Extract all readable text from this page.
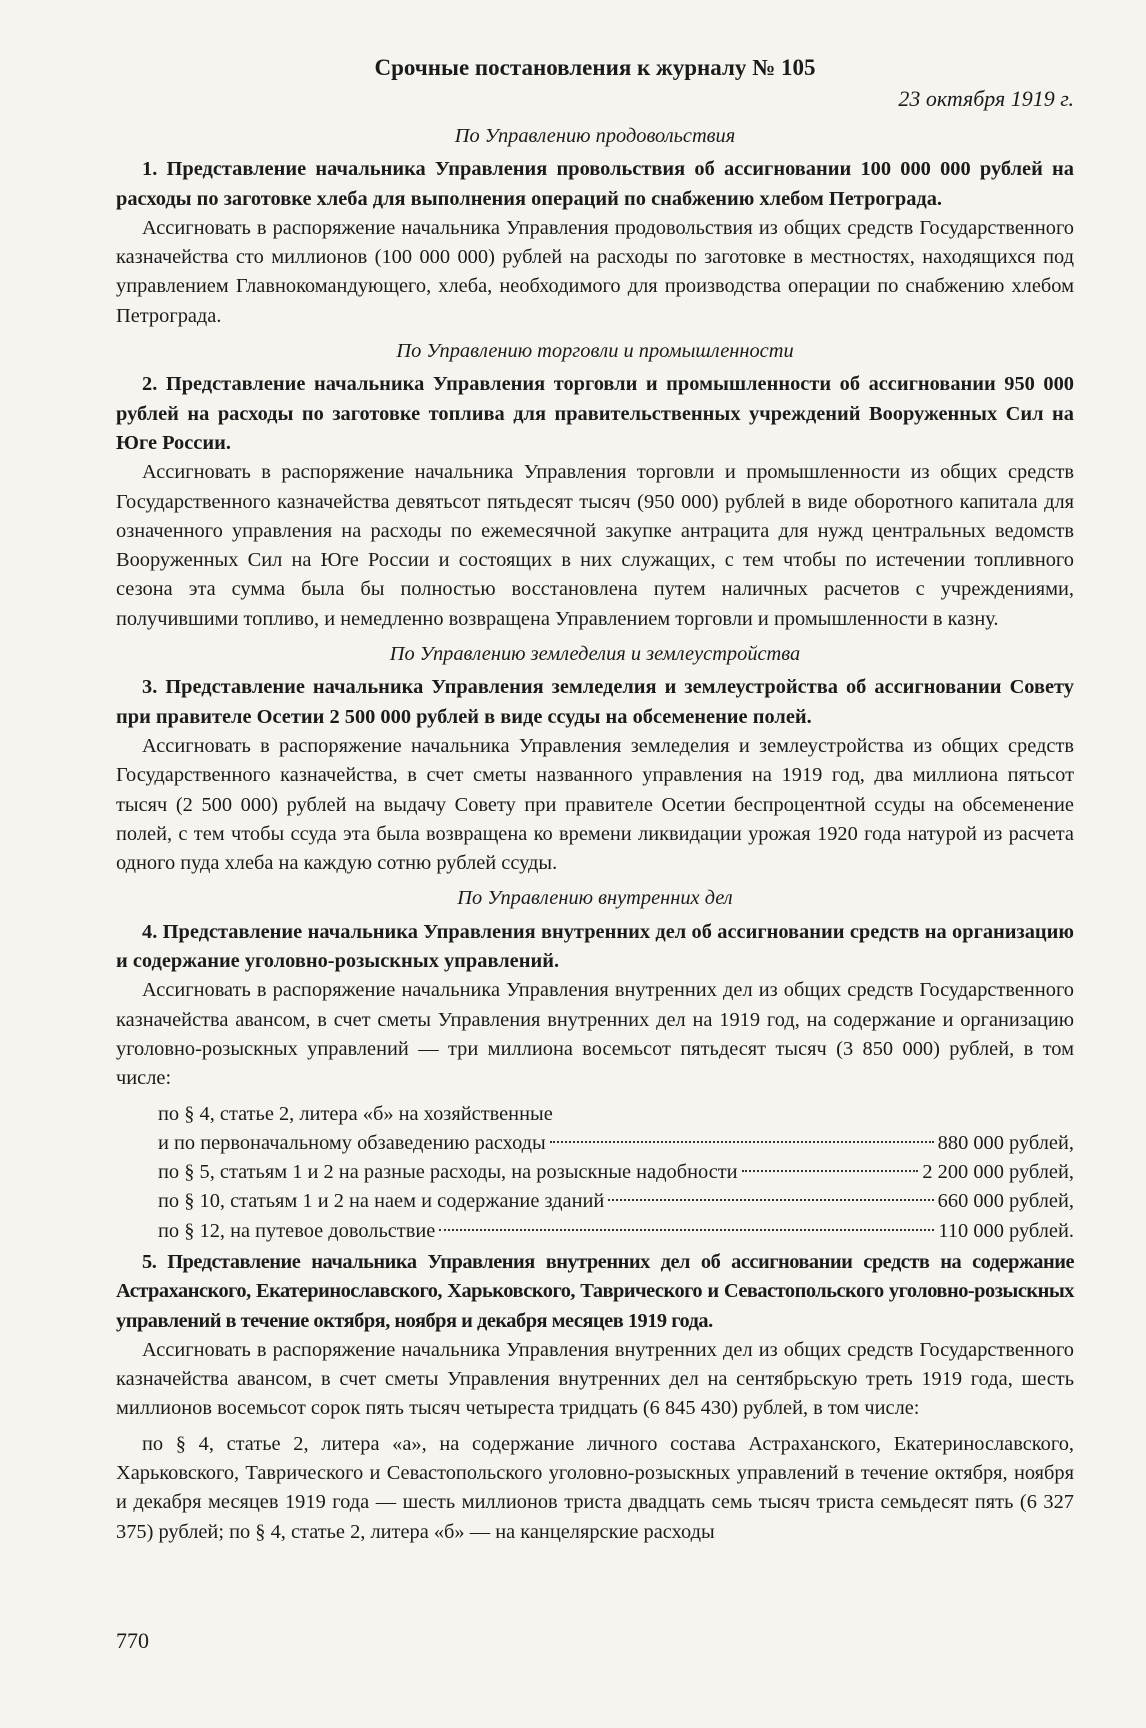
Срочные постановления к журналу № 105

23 октября 1919 г.

По Управлению продовольствия

1. Представление начальника Управления провольствия об ассигновании 100 000 000 рублей на расходы по заготовке хлеба для выполнения операций по снабжению хлебом Петрограда.

Ассигновать в распоряжение начальника Управления продовольствия из общих средств Государственного казначейства сто миллионов (100 000 000) рублей на расходы по заготовке в местностях, находящихся под управлением Главнокомандующего, хлеба, необходимого для производства операции по снабжению хлебом Петрограда.

По Управлению торговли и промышленности

2. Представление начальника Управления торговли и промышленности об ассигновании 950 000 рублей на расходы по заготовке топлива для правительственных учреждений Вооруженных Сил на Юге России.

Ассигновать в распоряжение начальника Управления торговли и промышленности из общих средств Государственного казначейства девятьсот пятьдесят тысяч (950 000) рублей в виде оборотного капитала для означенного управления на расходы по ежемесячной закупке антрацита для нужд центральных ведомств Вооруженных Сил на Юге России и состоящих в них служащих, с тем чтобы по истечении топливного сезона эта сумма была бы полностью восстановлена путем наличных расчетов с учреждениями, получившими топливо, и немедленно возвращена Управлением торговли и промышленности в казну.

По Управлению земледелия и землеустройства

3. Представление начальника Управления земледелия и землеустройства об ассигновании Совету при правителе Осетии 2 500 000 рублей в виде ссуды на обсеменение полей.

Ассигновать в распоряжение начальника Управления земледелия и землеустройства из общих средств Государственного казначейства, в счет сметы названного управления на 1919 год, два миллиона пятьсот тысяч (2 500 000) рублей на выдачу Совету при правителе Осетии беспроцентной ссуды на обсеменение полей, с тем чтобы ссуда эта была возвращена ко времени ликвидации урожая 1920 года натурой из расчета одного пуда хлеба на каждую сотню рублей ссуды.

По Управлению внутренних дел

4. Представление начальника Управления внутренних дел об ассигновании средств на организацию и содержание уголовно-розыскных управлений.

Ассигновать в распоряжение начальника Управления внутренних дел из общих средств Государственного казначейства авансом, в счет сметы Управления внутренних дел на 1919 год, на содержание и организацию уголовно-розыскных управлений — три миллиона восемьсот пятьдесят тысяч (3 850 000) рублей, в том числе:

по § 4, статье 2, литера «б» на хозяйственные
и по первоначальному обзаведению расходы	880 000 рублей,
по § 5, статьям 1 и 2 на разные расходы, на розыскные надобности	2 200 000 рублей,
по § 10, статьям 1 и 2 на наем и содержание зданий	660 000 рублей,
по § 12, на путевое довольствие	110 000 рублей.

5. Представление начальника Управления внутренних дел об ассигновании средств на содержание Астраханского, Екатеринославского, Харьковского, Таврического и Севастопольского уголовно-розыскных управлений в течение октября, ноября и декабря месяцев 1919 года.

Ассигновать в распоряжение начальника Управления внутренних дел из общих средств Государственного казначейства авансом, в счет сметы Управления внутренних дел на сентябрьскую треть 1919 года, шесть миллионов восемьсот сорок пять тысяч четыреста тридцать (6 845 430) рублей, в том числе:

по § 4, статье 2, литера «а», на содержание личного состава Астраханского, Екатеринославского, Харьковского, Таврического и Севастопольского уголовно-розыскных управлений в течение октября, ноября и декабря месяцев 1919 года — шесть миллионов триста двадцать семь тысяч триста семьдесят пять (6 327 375) рублей; по § 4, статье 2, литера «б» — на канцелярские расходы

770
